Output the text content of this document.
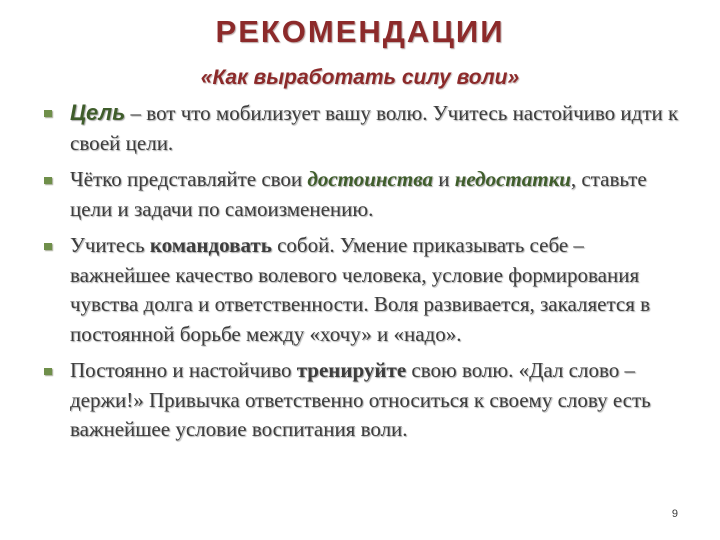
РЕКОМЕНДАЦИИ
«Как выработать силу воли»
Цель – вот что мобилизует вашу волю. Учитесь настойчиво идти к своей цели.
Чётко представляйте свои достоинства и недостатки, ставьте цели и задачи по самоизменению.
Учитесь командовать собой. Умение приказывать себе – важнейшее качество волевого человека, условие формирования чувства долга и ответственности. Воля развивается, закаляется в постоянной борьбе между «хочу» и «надо».
Постоянно и настойчиво тренируйте свою волю. «Дал слово – держи!» Привычка ответственно относиться к своему слову есть важнейшее условие воспитания воли.
9
